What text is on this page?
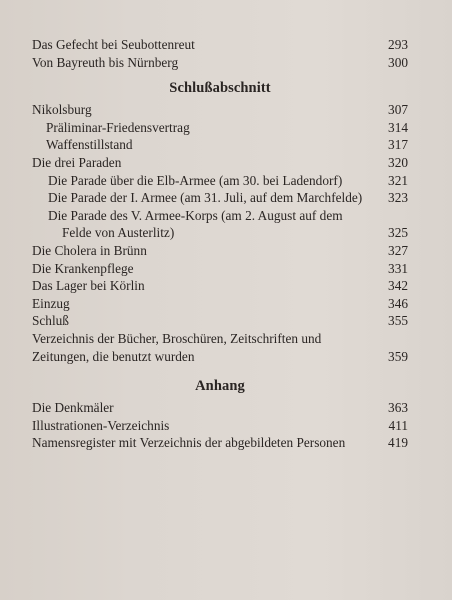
Das Gefecht bei Seubottenreut	293
Von Bayreuth bis Nürnberg	300
Schlußabschnitt
Nikolsburg	307
Präliminar-Friedensvertrag	314
Waffenstillstand	317
Die drei Paraden	320
Die Parade über die Elb-Armee (am 30. bei Ladendorf)	321
Die Parade der I. Armee (am 31. Juli, auf dem Marchfelde)	323
Die Parade des V. Armee-Korps (am 2. August auf dem
Felde von Austerlitz)	325
Die Cholera in Brünn	327
Die Krankenpflege	331
Das Lager bei Körlin	342
Einzug	346
Schluß	355
Verzeichnis der Bücher, Broschüren, Zeitschriften und
Zeitungen, die benutzt wurden	359
Anhang
Die Denkmäler	363
Illustrationen-Verzeichnis	411
Namensregister mit Verzeichnis der abgebildeten Personen	419
